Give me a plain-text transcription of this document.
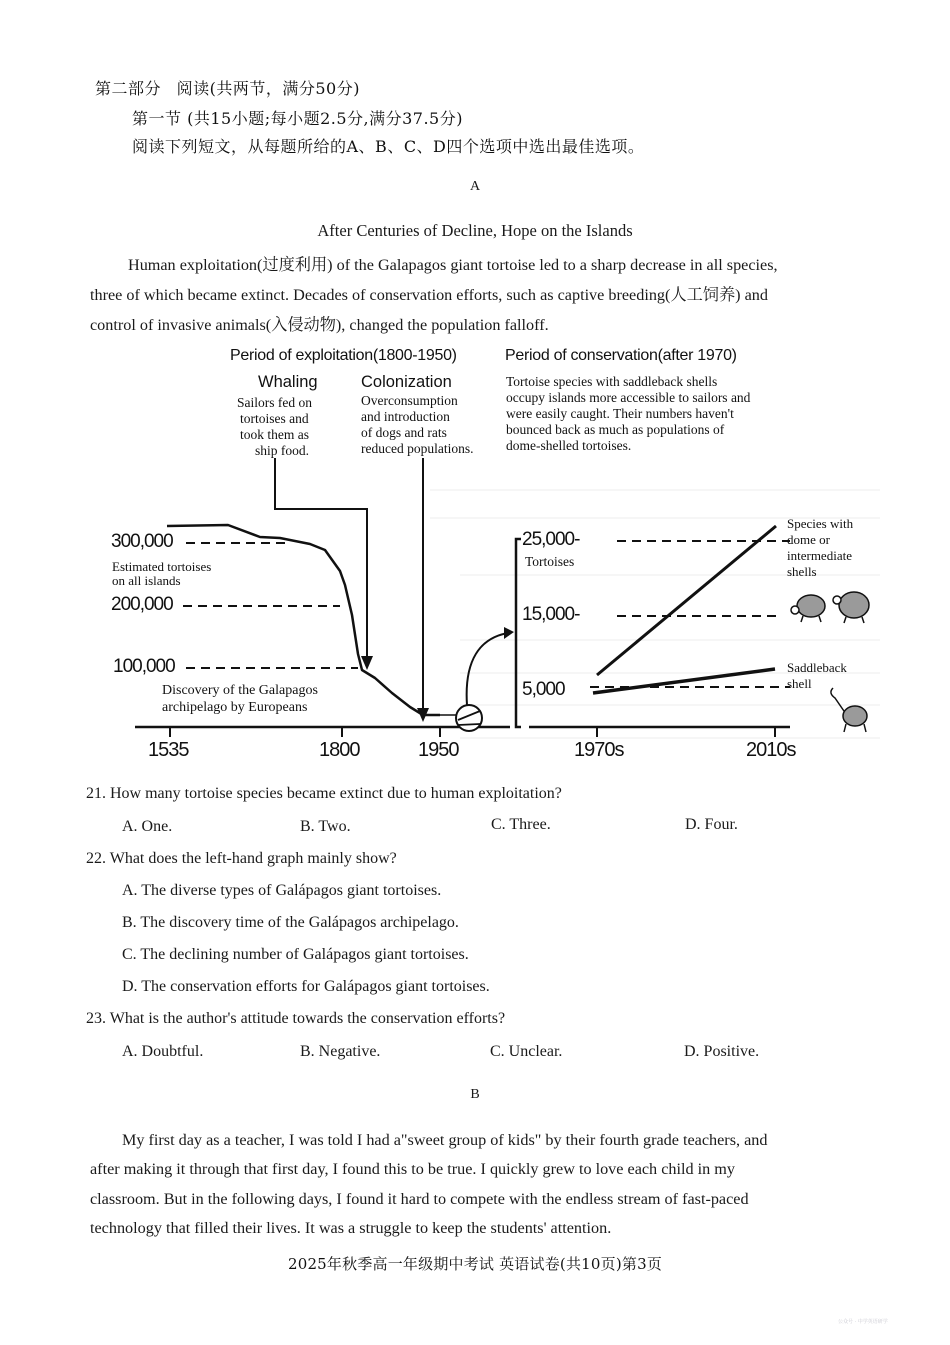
第二部分 阅读(共两节，满分50分)
第一节 (共15小题;每小题2.5分,满分37.5分)
阅读下列短文，从每题所给的A、B、C、D四个选项中选出最佳选项。
A
After Centuries of Decline, Hope on the Islands
Human exploitation(过度利用) of the Galapagos giant tortoise led to a sharp decrease in all species,
three of which became extinct. Decades of conservation efforts, such as captive breeding(人工饲养) and
control of invasive animals(入侵动物), changed the population falloff.
Period of exploitation(1800-1950)
Whaling
Sailors fed on
tortoises and
took them as
ship food.
Colonization
Overconsumption
and introduction
of dogs and rats
reduced populations.
Period of conservation(after 1970)
Tortoise species with saddleback shells
occupy islands more accessible to sailors and
were easily caught. Their numbers haven't
bounced back as much as populations of
dome-shelled tortoises.
300,000
Estimated tortoises
on all islands
200,000
100,000
Discovery of the Galapagos
archipelago by Europeans
1535	1800	1950
25,000-
Tortoises
15,000-
5,000
1970s	2010s
Species with
dome or
intermediate
shells
Saddleback
shell
21. How many tortoise species became extinct due to human exploitation?
A. One.	B. Two.	C. Three.	D. Four.
22. What does the left-hand graph mainly show?
A. The diverse types of Galápagos giant tortoises.
B. The discovery time of the Galápagos archipelago.
C. The declining number of Galápagos giant tortoises.
D. The conservation efforts for Galápagos giant tortoises.
23. What is the author's attitude towards the conservation efforts?
A. Doubtful.	B. Negative.	C. Unclear.	D. Positive.
B
My first day as a teacher, I was told I had a"sweet group of kids" by their fourth grade teachers, and
after making it through that first day, I found this to be true. I quickly grew to love each child in my
classroom. But in the following days, I found it hard to compete with the endless stream of fast-paced
technology that filled their lives. It was a struggle to keep the students' attention.
2025年秋季高一年级期中考试 英语试卷(共10页)第3页
公众号 · 中学英语研学
